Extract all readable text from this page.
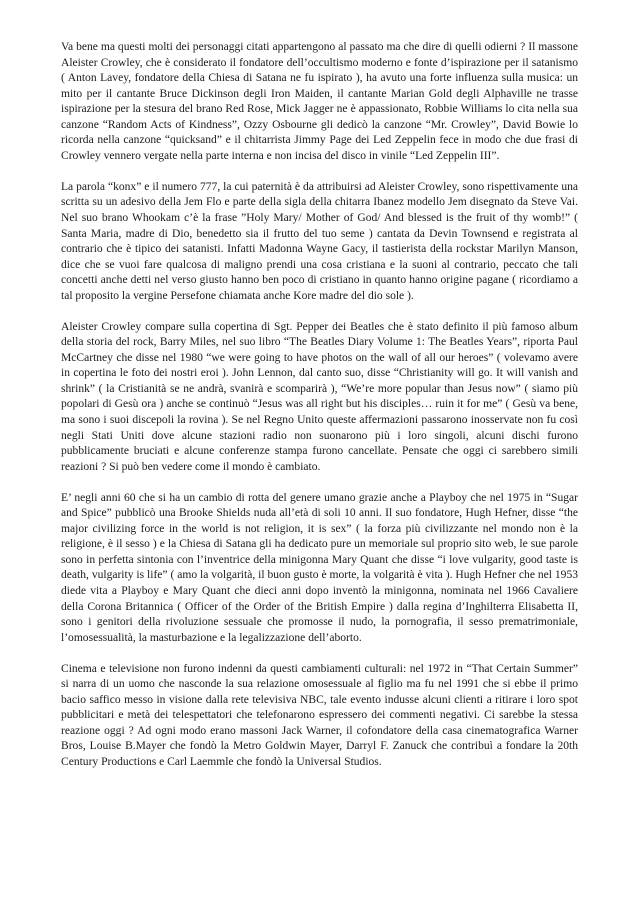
Va bene ma questi molti dei personaggi citati appartengono al passato ma che dire di quelli odierni ? Il massone Aleister Crowley, che è considerato il fondatore dell’occultismo moderno e fonte d’ispirazione per il satanismo ( Anton Lavey, fondatore della Chiesa di Satana ne fu ispirato ), ha avuto una forte influenza sulla musica: un mito per il cantante Bruce Dickinson degli Iron Maiden, il cantante Marian Gold degli Alphaville ne trasse ispirazione per la stesura del brano Red Rose, Mick Jagger ne è appassionato, Robbie Williams lo cita nella sua canzone “Random Acts of Kindness”, Ozzy Osbourne gli dedicò la canzone “Mr. Crowley”, David Bowie lo ricorda nella canzone “quicksand” e il chitarrista Jimmy Page dei Led Zeppelin fece in modo che due frasi di Crowley vennero vergate nella parte interna e non incisa del disco in vinile “Led Zeppelin III”.

La parola “konx” e il numero 777, la cui paternità è da attribuirsi ad Aleister Crowley, sono rispettivamente una scritta su un adesivo della Jem Flo e parte della sigla della chitarra Ibanez modello Jem disegnato da Steve Vai. Nel suo brano Whookam c’è la frase ”Holy Mary/ Mother of God/ And blessed is the fruit of thy womb!” ( Santa Maria, madre di Dio, benedetto sia il frutto del tuo seme ) cantata da Devin Townsend e registrata al contrario che è tipico dei satanisti. Infatti Madonna Wayne Gacy, il tastierista della rockstar Marilyn Manson, dice che se vuoi fare qualcosa di maligno prendi una cosa cristiana e la suoni al contrario, peccato che tali concetti anche detti nel verso giusto hanno ben poco di cristiano in quanto hanno origine pagane ( ricordiamo a tal proposito la vergine Persefone chiamata anche Kore madre del dio sole ).

Aleister Crowley compare sulla copertina di Sgt. Pepper dei Beatles che è stato definito il più famoso album della storia del rock, Barry Miles, nel suo libro “The Beatles Diary Volume 1: The Beatles Years”, riporta Paul McCartney che disse nel 1980 “we were going to have photos on the wall of all our heroes” ( volevamo avere in copertina le foto dei nostri eroi ). John Lennon, dal canto suo, disse “Christianity will go. It will vanish and shrink” ( la Cristianità se ne andrà, svanirà e scomparirà ), “We’re more popular than Jesus now” ( siamo più popolari di Gesù ora ) anche se continuò “Jesus was all right but his disciples… ruin it for me” ( Gesù va bene, ma sono i suoi discepoli la rovina ). Se nel Regno Unito queste affermazioni passarono inosservate non fu così negli Stati Uniti dove alcune stazioni radio non suonarono più i loro singoli, alcuni dischi furono pubblicamente bruciati e alcune conferenze stampa furono cancellate. Pensate che oggi ci sarebbero simili reazioni ? Si può ben vedere come il mondo è cambiato.

E’ negli anni 60 che si ha un cambio di rotta del genere umano grazie anche a Playboy che nel 1975 in “Sugar and Spice” pubblicò una Brooke Shields nuda all’età di soli 10 anni. Il suo fondatore, Hugh Hefner, disse “the major civilizing force in the world is not religion, it is sex” ( la forza più civilizzante nel mondo non è la religione, è il sesso ) e la Chiesa di Satana gli ha dedicato pure un memoriale sul proprio sito web, le sue parole sono in perfetta sintonia con l’inventrice della minigonna Mary Quant che disse “i love vulgarity, good taste is death, vulgarity is life” ( amo la volgarità, il buon gusto è morte, la volgarità è vita ). Hugh Hefner che nel 1953 diede vita a Playboy e Mary Quant che dieci anni dopo inventò la minigonna, nominata nel 1966 Cavaliere della Corona Britannica ( Officer of the Order of the British Empire ) dalla regina d’Inghilterra Elisabetta II, sono i genitori della rivoluzione sessuale che promosse il nudo, la pornografia, il sesso prematrimoniale, l’omosessualità, la masturbazione e la legalizzazione dell’aborto.

Cinema e televisione non furono indenni da questi cambiamenti culturali: nel 1972 in “That Certain Summer” si narra di un uomo che nasconde la sua relazione omosessuale al figlio ma fu nel 1991 che si ebbe il primo bacio saffico messo in visione dalla rete televisiva NBC, tale evento indusse alcuni clienti a ritirare i loro spot pubblicitari e metà dei telespettatori che telefonarono espressero dei commenti negativi. Ci sarebbe la stessa reazione oggi ? Ad ogni modo erano massoni Jack Warner, il cofondatore della casa cinematografica Warner Bros, Louise B.Mayer che fondò la Metro Goldwin Mayer, Darryl F. Zanuck che contribuì a fondare la 20th Century Productions e Carl Laemmle che fondò la Universal Studios.
